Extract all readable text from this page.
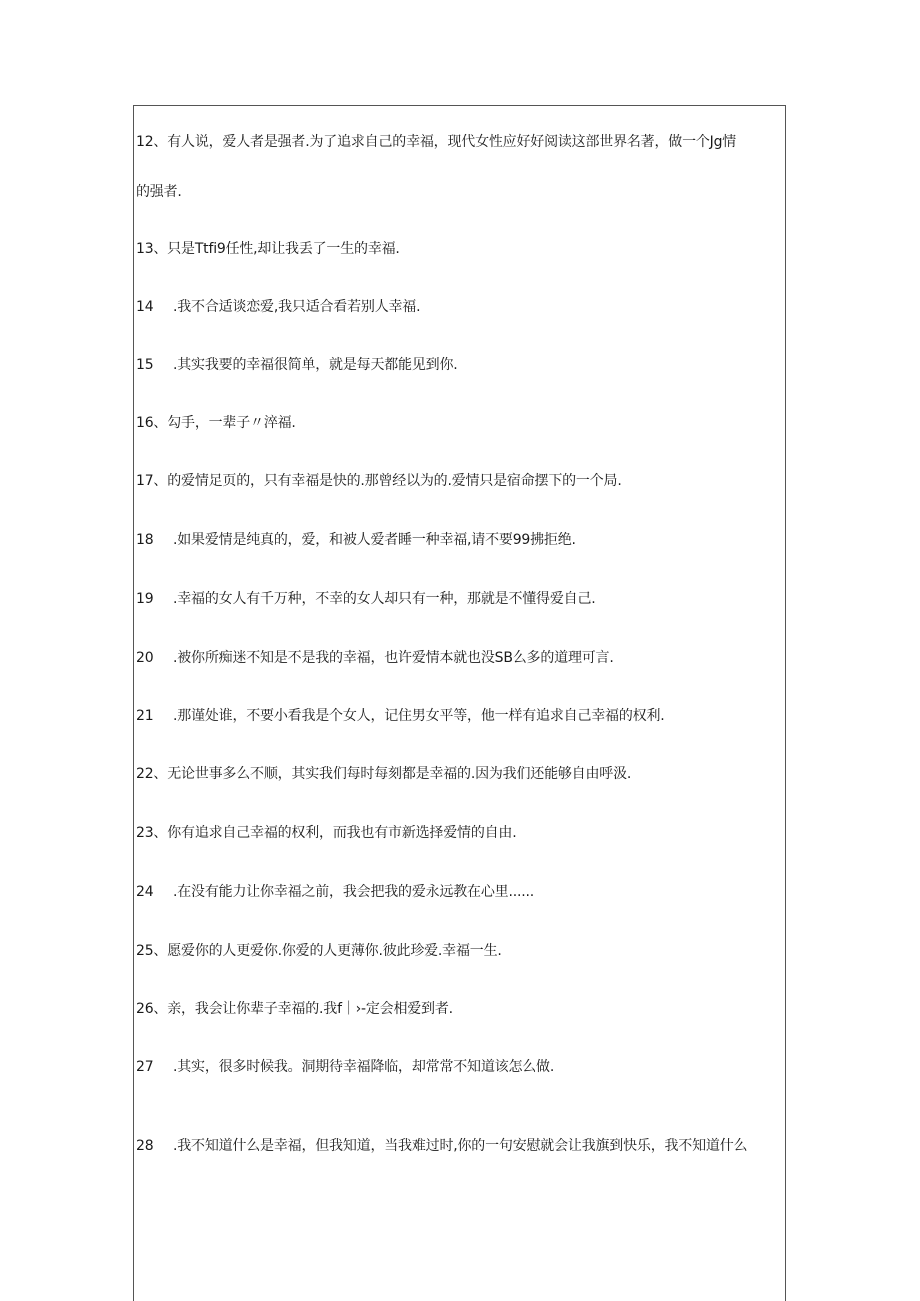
12、有人说，爱人者是强者.为了追求自己的幸福，现代女性应好好阅读这部世界名著，做一个Jg情
的强者.
13、只是Ttfi9任性,却让我丢了一生的幸福.
14 .我不合适谈恋爱,我只适合看若别人幸福.
15 .其实我要的幸福很简单，就是每天都能见到你.
16、勾手，一辈子〃淬福.
17、的爱情足页的，只有幸福是快的.那曾经以为的.爱情只是宿命摆下的一个局.
18 .如果爱情是纯真的，爱，和被人爱者睡一种幸福,请不要99拂拒绝.
19 .幸福的女人有千万种，不幸的女人却只有一种，那就是不懂得爱自己.
20 .被你所痴迷不知是不是我的幸福，也许爱情本就也没SB么多的道理可言.
21 .那谨处谁，不要小看我是个女人，记住男女平等，他一样有追求自己幸福的权利.
22、无论世事多么不顺，其实我们每时每刻都是幸福的.因为我们还能够自由呼汲.
23、你有追求自己幸福的权利，而我也有市新选择爱情的自由.
24 .在没有能力让你幸福之前，我会把我的爱永远教在心里......
25、愿爱你的人更爱你.你爱的人更薄你.彼此珍爱.幸福一生.
26、亲，我会让你辈子幸福的.我f｜›-定会相爱到者.
27 .其实，很多时候我。洞期待幸福降临，却常常不知道该怎么做.
28 .我不知道什么是幸福，但我知道，当我难过时,你的一句安慰就会让我旗到快乐，我不知道什么
